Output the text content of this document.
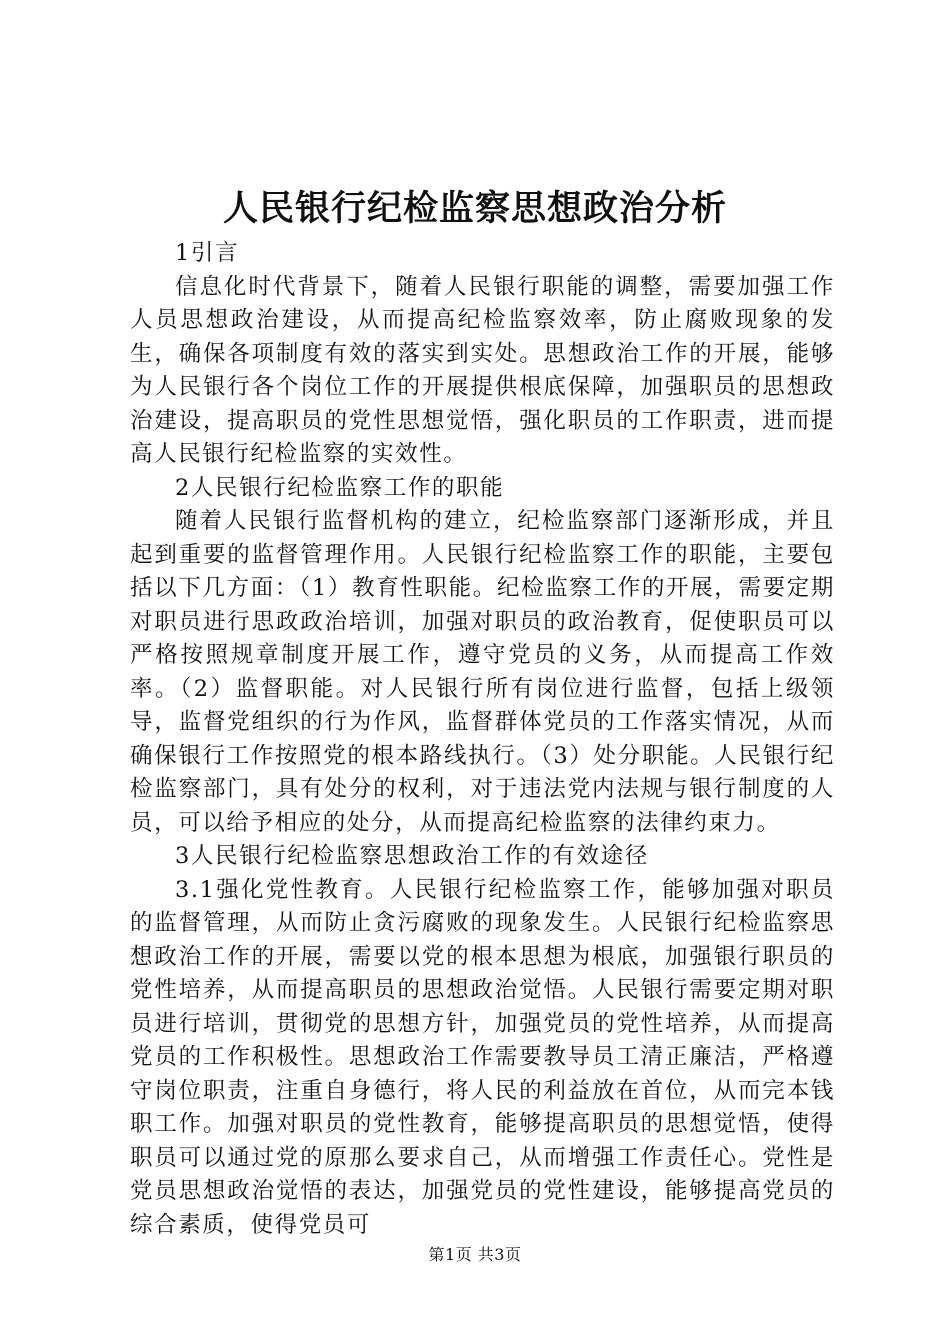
人民银行纪检监察思想政治分析

1引言

信息化时代背景下，随着人民银行职能的调整，需要加强工作人员思想政治建设，从而提高纪检监察效率，防止腐败现象的发生，确保各项制度有效的落实到实处。思想政治工作的开展，能够为人民银行各个岗位工作的开展提供根底保障，加强职员的思想政治建设，提高职员的党性思想觉悟，强化职员的工作职责，进而提高人民银行纪检监察的实效性。

2人民银行纪检监察工作的职能

随着人民银行监督机构的建立，纪检监察部门逐渐形成，并且起到重要的监督管理作用。人民银行纪检监察工作的职能，主要包括以下几方面：（1）教育性职能。纪检监察工作的开展，需要定期对职员进行思政政治培训，加强对职员的政治教育，促使职员可以严格按照规章制度开展工作，遵守党员的义务，从而提高工作效率。（2）监督职能。对人民银行所有岗位进行监督，包括上级领导，监督党组织的行为作风，监督群体党员的工作落实情况，从而确保银行工作按照党的根本路线执行。（3）处分职能。人民银行纪检监察部门，具有处分的权利，对于违法党内法规与银行制度的人员，可以给予相应的处分，从而提高纪检监察的法律约束力。

3人民银行纪检监察思想政治工作的有效途径

3.1强化党性教育。人民银行纪检监察工作，能够加强对职员的监督管理，从而防止贪污腐败的现象发生。人民银行纪检监察思想政治工作的开展，需要以党的根本思想为根底，加强银行职员的党性培养，从而提高职员的思想政治觉悟。人民银行需要定期对职员进行培训，贯彻党的思想方针，加强党员的党性培养，从而提高党员的工作积极性。思想政治工作需要教导员工清正廉洁，严格遵守岗位职责，注重自身德行，将人民的利益放在首位，从而完本钱职工作。加强对职员的党性教育，能够提高职员的思想觉悟，使得职员可以通过党的原那么要求自己，从而增强工作责任心。党性是党员思想政治觉悟的表达，加强党员的党性建设，能够提高党员的综合素质，使得党员可

第1页 共3页
